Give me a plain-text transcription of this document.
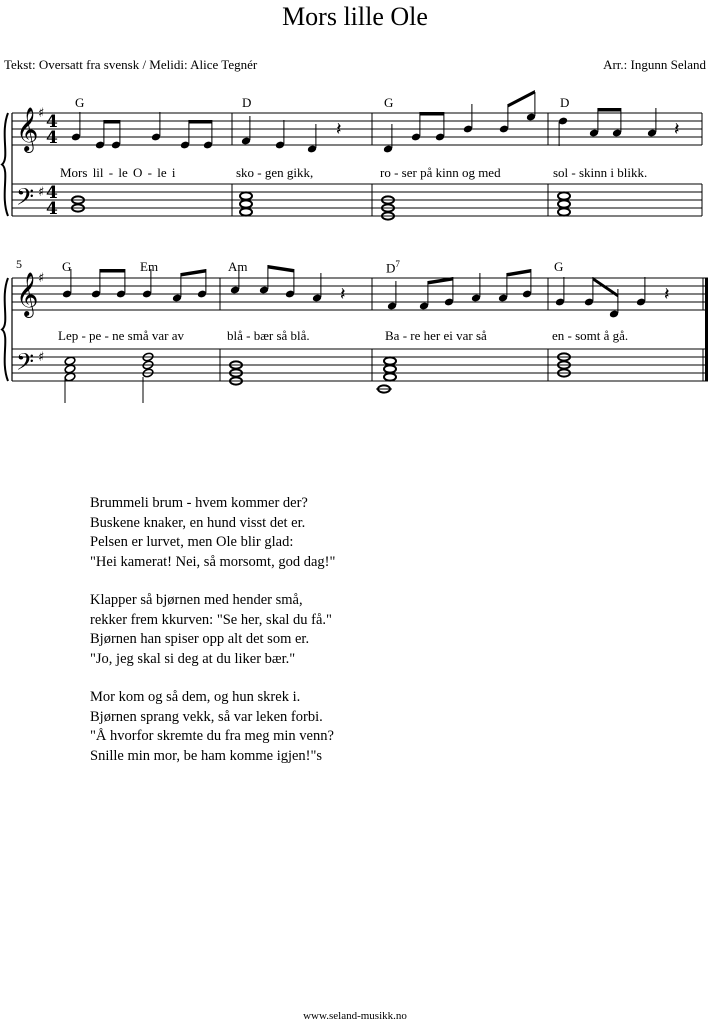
Mors lille Ole
Tekst: Oversatt fra svensk / Melidi: Alice Tegnér	Arr.: Ingunn Seland
𝄞
𝄢
♯
♯
4
4
4
4
𝄽	𝄽
𝄞
𝄢
♯
♯
𝄽	𝄽
G	D	G	D
Mors lil - le O - le i	sko - gen gikk,	ro - ser på kinn og med	sol - skinn i blikk.
5	G	Em	Am	$D^7$	G
Lep - pe - ne små var av	blå - bær så blå.	Ba - re her ei var så	en - somt å gå.
Brummeli brum - hvem kommer der?
Buskene knaker, en hund visst det er.
Pelsen er lurvet, men Ole blir glad:
"Hei kamerat! Nei, så morsomt, god dag!"
Klapper så bjørnen med hender små,
rekker frem kkurven: "Se her, skal du få."
Bjørnen han spiser opp alt det som er.
"Jo, jeg skal si deg at du liker bær."
Mor kom og så dem, og hun skrek i.
Bjørnen sprang vekk, så var leken forbi.
"Å hvorfor skremte du fra meg min venn?
Snille min mor, be ham komme igjen!"s
www.seland-musikk.no
